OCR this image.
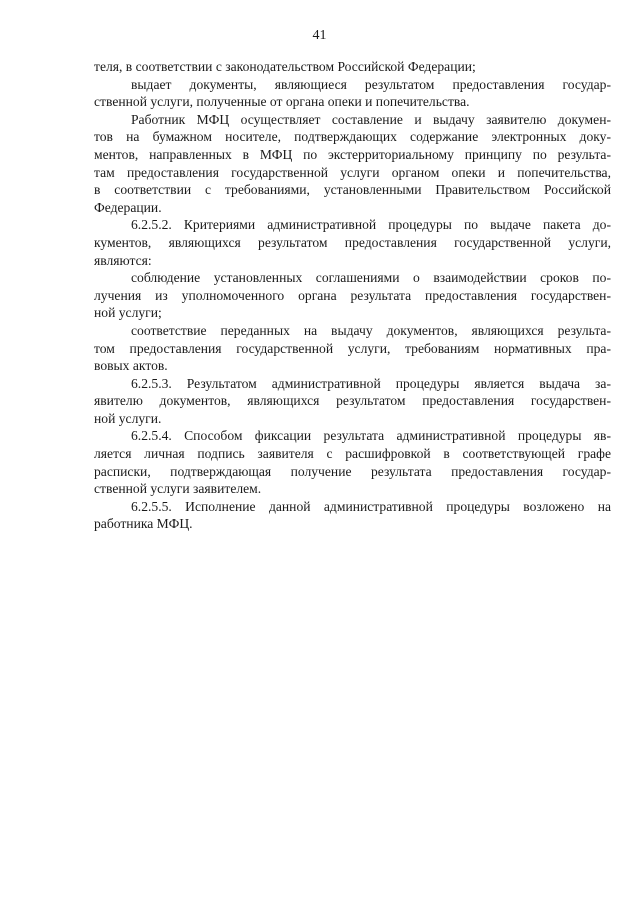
41
теля, в соответствии с законодательством Российской Федерации;
выдает документы, являющиеся результатом предоставления государ-
ственной услуги, полученные от органа опеки и попечительства.
Работник МФЦ осуществляет составление и выдачу заявителю докумен-
тов на бумажном носителе, подтверждающих содержание электронных доку-
ментов, направленных в МФЦ по экстерриториальному принципу по результа-
там предоставления государственной услуги органом опеки и попечительства,
в соответствии с требованиями, установленными Правительством Российской
Федерации.
6.2.5.2. Критериями административной процедуры по выдаче пакета до-
кументов, являющихся результатом предоставления государственной услуги,
являются:
соблюдение установленных соглашениями о взаимодействии сроков по-
лучения из уполномоченного органа результата предоставления государствен-
ной услуги;
соответствие переданных на выдачу документов, являющихся результа-
том предоставления государственной услуги, требованиям нормативных пра-
вовых актов.
6.2.5.3. Результатом административной процедуры является выдача за-
явителю документов, являющихся результатом предоставления государствен-
ной услуги.
6.2.5.4. Способом фиксации результата административной процедуры яв-
ляется личная подпись заявителя с расшифровкой в соответствующей графе
расписки, подтверждающая получение результата предоставления государ-
ственной услуги заявителем.
6.2.5.5. Исполнение данной административной процедуры возложено на
работника МФЦ.
